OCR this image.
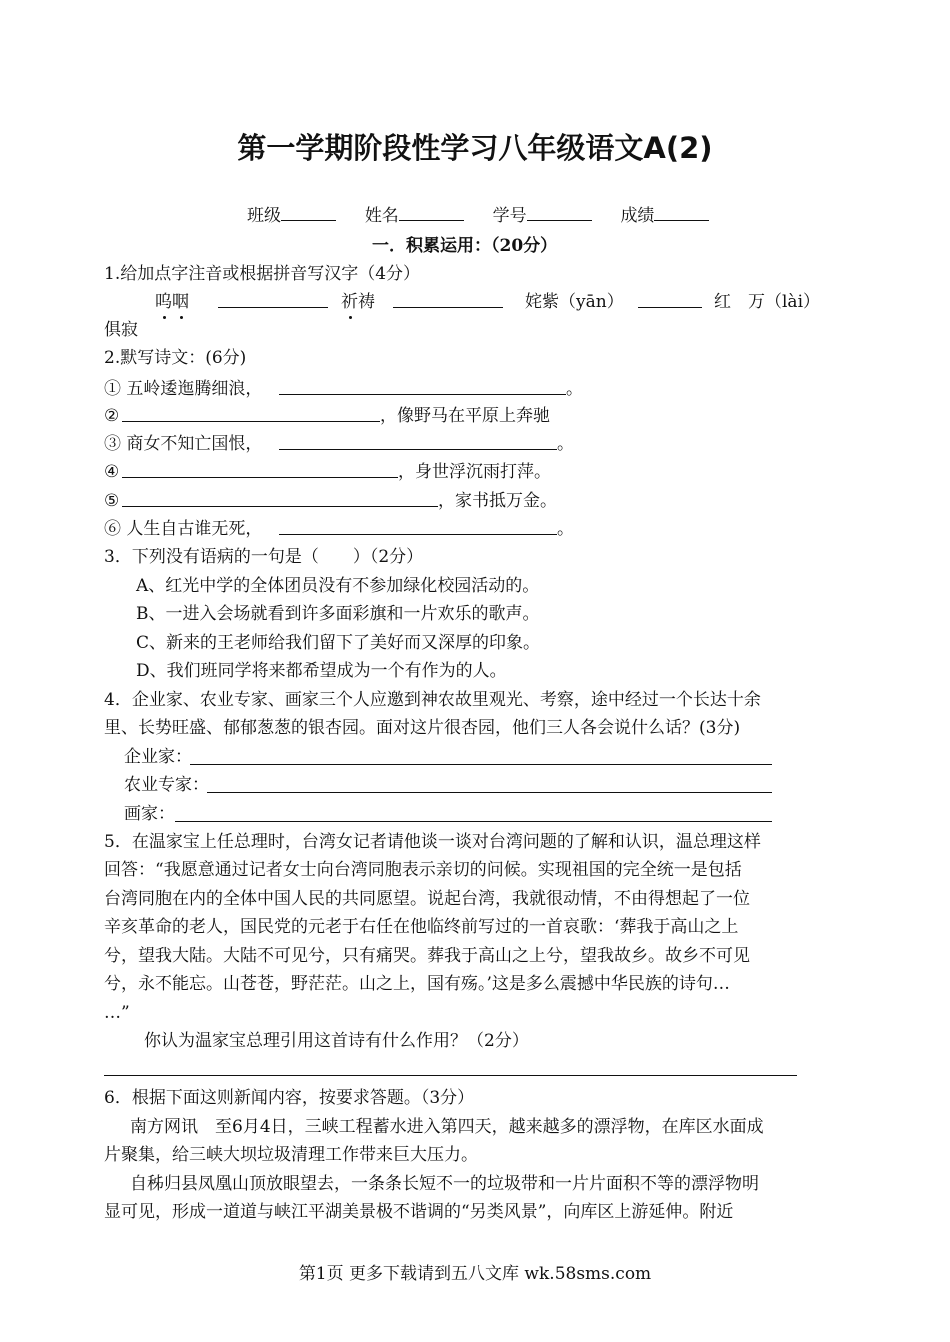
第一学期阶段性学习八年级语文A(2)
班级	姓名	学号	成绩
一．积累运用：（20分）
1.给加点字注音或根据拼音写汉字（4分）
呜咽	祈祷	姹紫（yān）	红　万（lài）
俱寂
2.默写诗文：(6分)
① 五岭逶迤腾细浪，	。
②	，像野马在平原上奔驰
③ 商女不知亡国恨，	。
④	，身世浮沉雨打萍。
⑤	，家书抵万金。
⑥ 人生自古谁无死，	。
3．下列没有语病的一句是（　　）（2分）
A、红光中学的全体团员没有不参加绿化校园活动的。
B、一进入会场就看到许多面彩旗和一片欢乐的歌声。
C、新来的王老师给我们留下了美好而又深厚的印象。
D、我们班同学将来都希望成为一个有作为的人。
4．企业家、农业专家、画家三个人应邀到神农故里观光、考察，途中经过一个长达十余
里、长势旺盛、郁郁葱葱的银杏园。面对这片很杏园，他们三人各会说什么话？(3分)
企业家：
农业专家：
画家：
5．在温家宝上任总理时，台湾女记者请他谈一谈对台湾问题的了解和认识，温总理这样
回答：“我愿意通过记者女士向台湾同胞表示亲切的问候。实现祖国的完全统一是包括
台湾同胞在内的全体中国人民的共同愿望。说起台湾，我就很动情，不由得想起了一位
辛亥革命的老人，国民党的元老于右任在他临终前写过的一首哀歌：‘葬我于高山之上
兮，望我大陆。大陆不可见兮，只有痛哭。葬我于高山之上兮，望我故乡。故乡不可见
兮，永不能忘。山苍苍，野茫茫。山之上，国有殇。’这是多么震撼中华民族的诗句…
…”
你认为温家宝总理引用这首诗有什么作用？（2分）
6．根据下面这则新闻内容，按要求答题。（3分）
南方网讯　至6月4日，三峡工程蓄水进入第四天，越来越多的漂浮物，在库区水面成
片聚集，给三峡大坝垃圾清理工作带来巨大压力。
自秭归县凤凰山顶放眼望去，一条条长短不一的垃圾带和一片片面积不等的漂浮物明
显可见，形成一道道与峡江平湖美景极不谐调的“另类风景”，向库区上游延伸。附近
第1页 更多下载请到五八文库 wk.58sms.com
